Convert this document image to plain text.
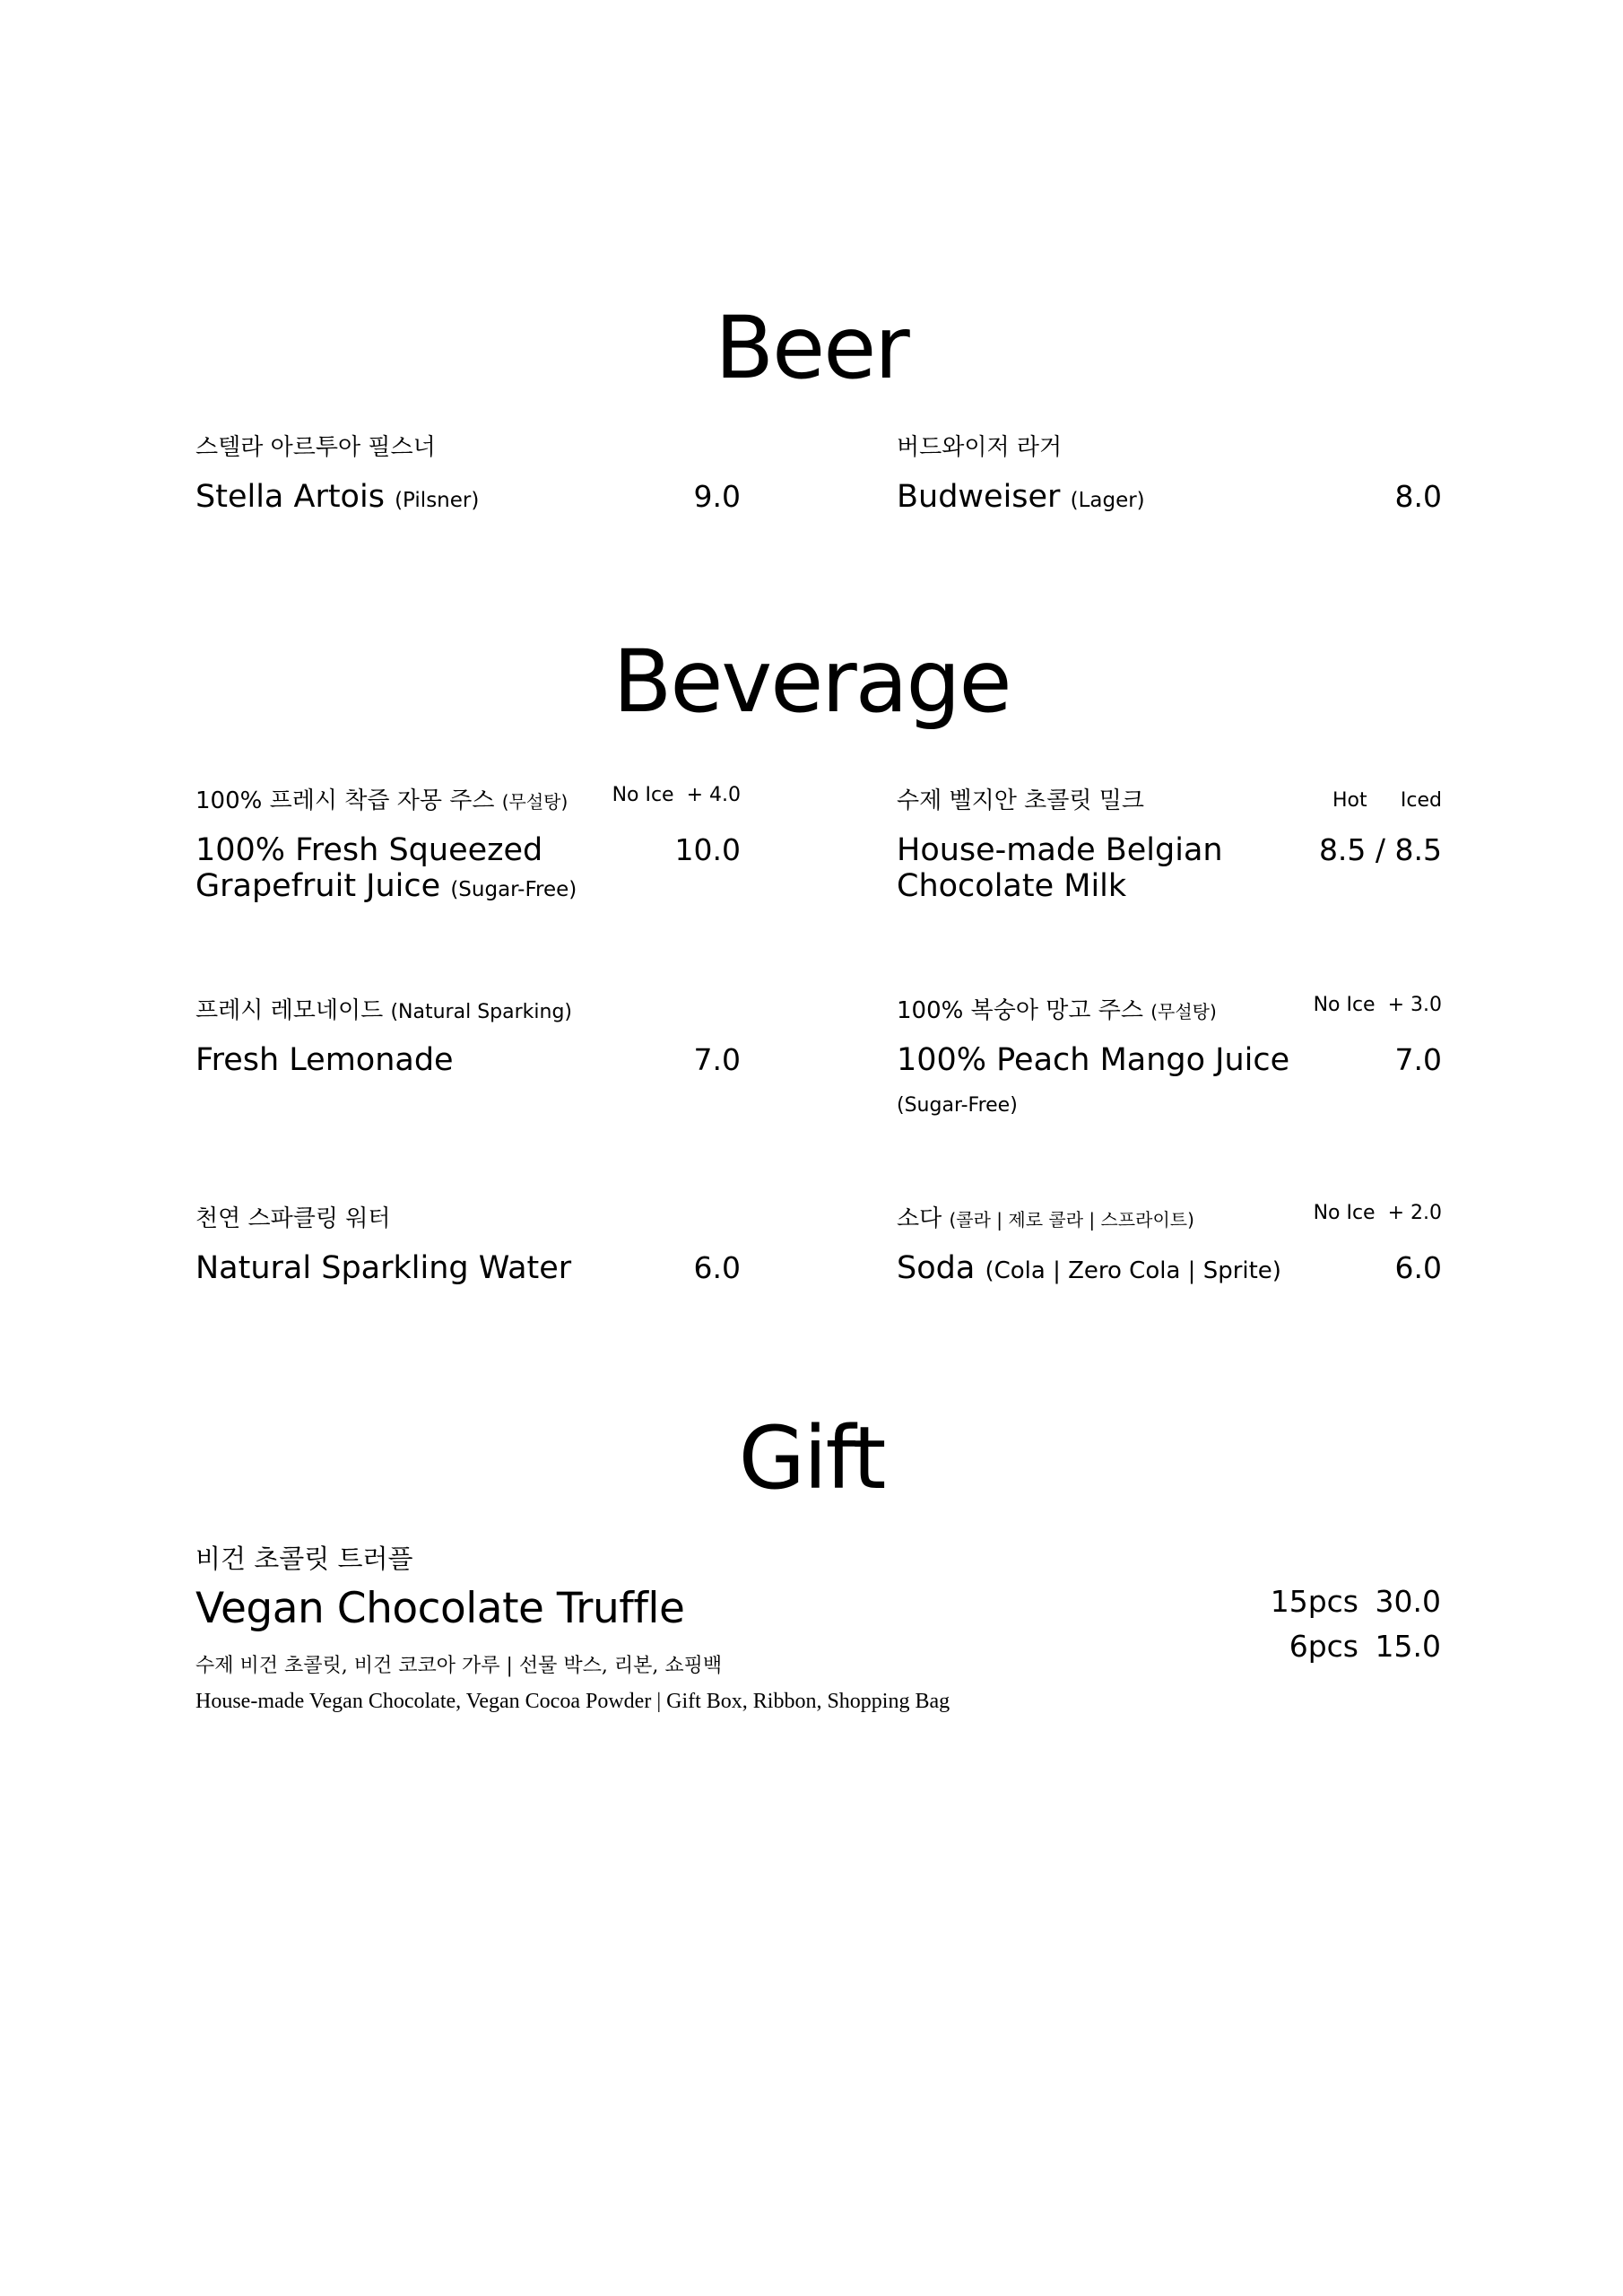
Beer
스텔라 아르투아 필스너
Stella Artois (Pilsner)	9.0
버드와이저 라거
Budweiser (Lager)	8.0
Beverage
100% 프레시 착즙 자몽 주스 (무설탕) No Ice  + 4.0
100% Fresh Squeezed
Grapefruit Juice (Sugar-Free)
10.0
수제 벨지안 초콜릿 밀크	Hot Iced
House-made Belgian
Chocolate Milk
8.5 / 8.5
프레시 레모네이드 (Natural Sparking)
Fresh Lemonade	7.0
100% 복숭아 망고 주스 (무설탕)	No Ice  + 3.0
100% Peach Mango Juice
(Sugar-Free)
7.0
천연 스파클링 워터
Natural Sparkling Water	6.0
소다 (콜라 | 제로 콜라 | 스프라이트)	No Ice  + 2.0
Soda (Cola | Zero Cola | Sprite)	6.0
Gift
비건 초콜릿 트러플
Vegan Chocolate Truffle
수제 비건 초콜릿, 비건 코코아 가루 | 선물 박스, 리본, 쇼핑백
House-made Vegan Chocolate, Vegan Cocoa Powder | Gift Box, Ribbon, Shopping Bag
15pcs 30.0
6pcs 15.0
